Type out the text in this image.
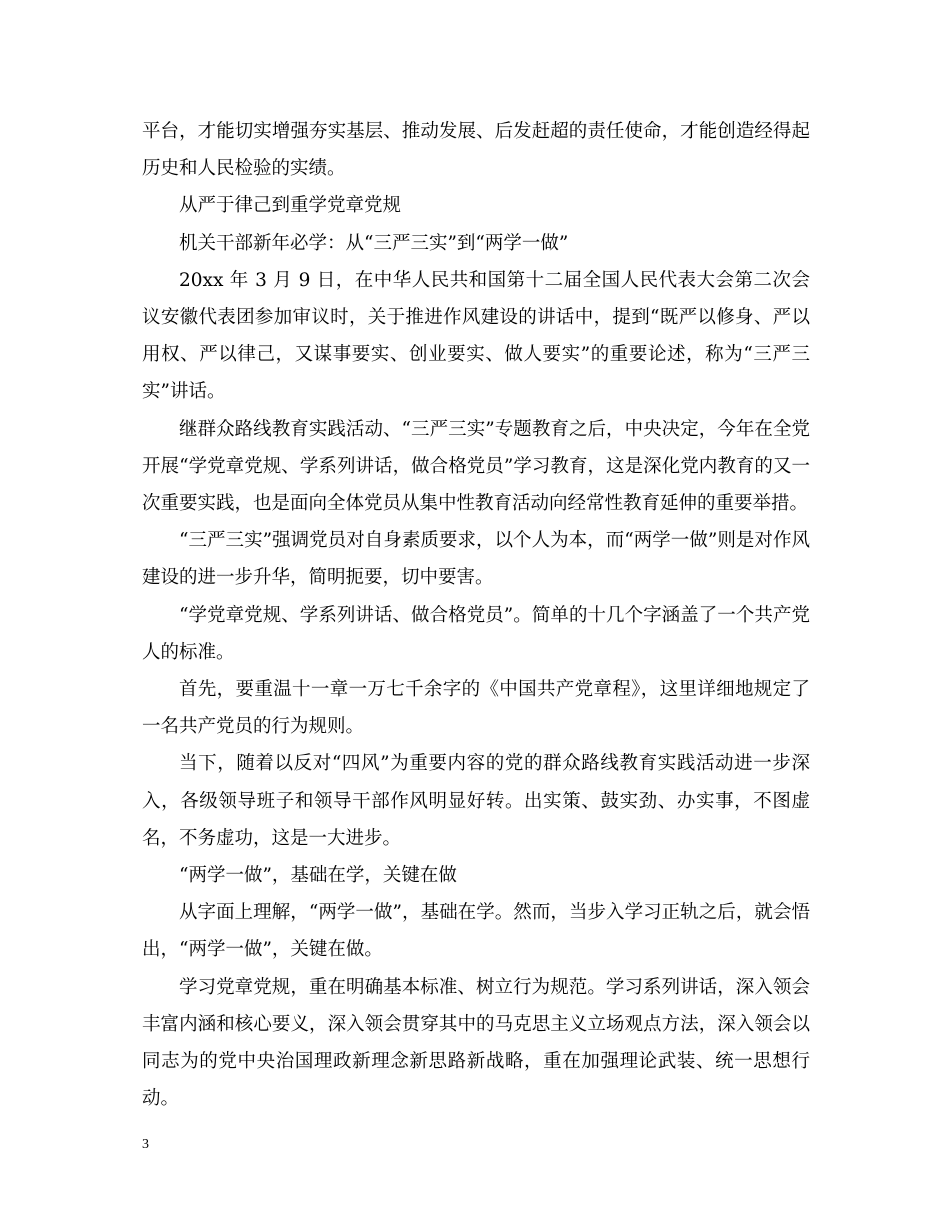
平台，才能切实增强夯实基层、推动发展、后发赶超的责任使命，才能创造经得起历史和人民检验的实绩。

从严于律己到重学党章党规

机关干部新年必学：从“三严三实”到“两学一做”

20xx 年 3 月 9 日，在中华人民共和国第十二届全国人民代表大会第二次会议安徽代表团参加审议时，关于推进作风建设的讲话中，提到“既严以修身、严以用权、严以律己，又谋事要实、创业要实、做人要实”的重要论述，称为“三严三实”讲话。

继群众路线教育实践活动、“三严三实”专题教育之后，中央决定，今年在全党开展“学党章党规、学系列讲话，做合格党员”学习教育，这是深化党内教育的又一次重要实践，也是面向全体党员从集中性教育活动向经常性教育延伸的重要举措。

“三严三实”强调党员对自身素质要求，以个人为本，而“两学一做”则是对作风建设的进一步升华，简明扼要，切中要害。

“学党章党规、学系列讲话、做合格党员”。简单的十几个字涵盖了一个共产党人的标准。

首先，要重温十一章一万七千余字的《中国共产党章程》，这里详细地规定了一名共产党员的行为规则。

当下，随着以反对“四风”为重要内容的党的群众路线教育实践活动进一步深入，各级领导班子和领导干部作风明显好转。出实策、鼓实劲、办实事，不图虚名，不务虚功，这是一大进步。

“两学一做”，基础在学，关键在做

从字面上理解，“两学一做”，基础在学。然而，当步入学习正轨之后，就会悟出，“两学一做”，关键在做。

学习党章党规，重在明确基本标准、树立行为规范。学习系列讲话，深入领会丰富内涵和核心要义，深入领会贯穿其中的马克思主义立场观点方法，深入领会以同志为的党中央治国理政新理念新思路新战略，重在加强理论武装、统一思想行动。

3
